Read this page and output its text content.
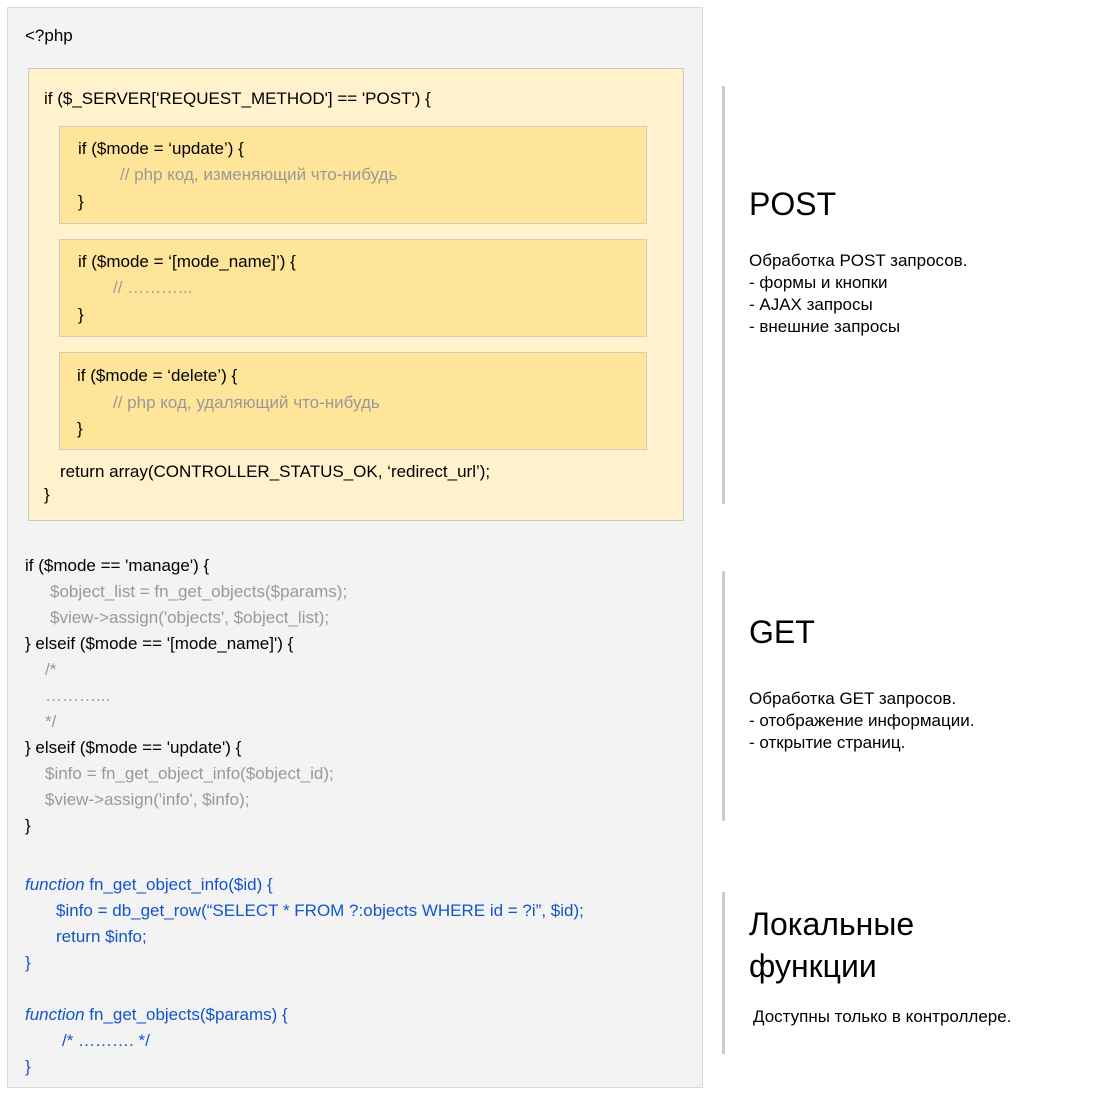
<?php
if ($_SERVER['REQUEST_METHOD'] == 'POST') {
if ($mode = ‘update’) {
// php код, изменяющий что-нибудь
}
if ($mode = ‘[mode_name]’) {
// ………...
}
if ($mode = ‘delete’) {
// php код, удаляющий что-нибудь
}
return array(CONTROLLER_STATUS_OK, ‘redirect_url’);
}
if ($mode == 'manage') {
$object_list = fn_get_objects($params);
$view->assign('objects', $object_list);
} elseif ($mode == '[mode_name]') {
/*
………...
*/
} elseif ($mode == 'update') {
$info = fn_get_object_info($object_id);
$view->assign('info', $info);
}
function fn_get_object_info($id) {
$info = db_get_row(“SELECT * FROM ?:objects WHERE id = ?i”, $id);
return $info;
}
function fn_get_objects($params) {
/* ………. */
}
POST
Обработка POST запросов.
- формы и кнопки
- AJAX запросы
- внешние запросы
GET
Обработка GET запросов.
- отображение информации.
- открытие страниц.
Локальные функции
Доступны только в контроллере.
